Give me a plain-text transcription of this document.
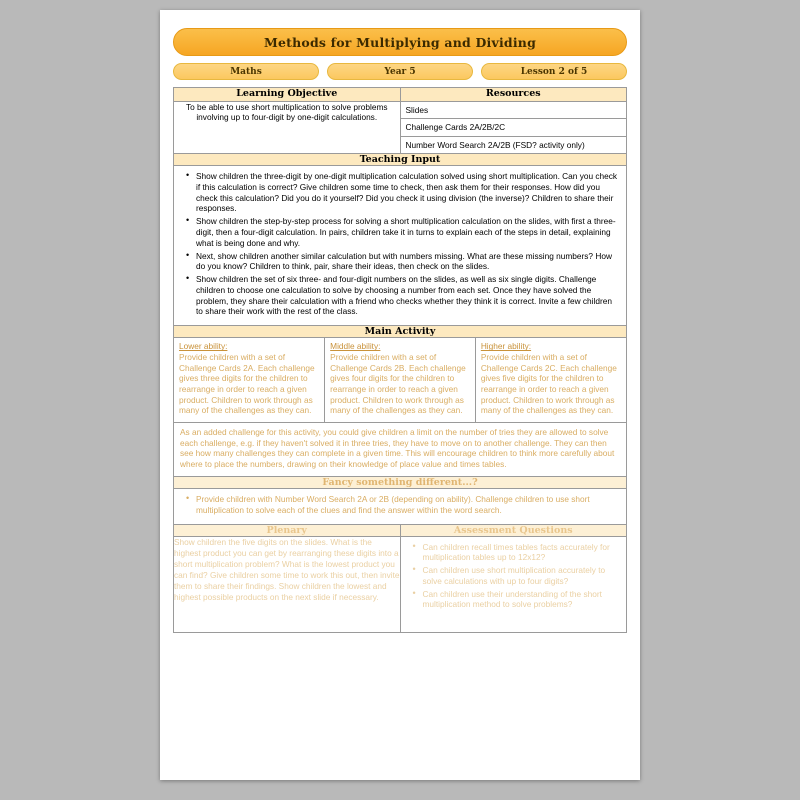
Methods for Multiplying and Dividing
Maths	Year 5	Lesson 2 of 5
Learning Objective	Resources
To be able to use short multiplication to solve problems involving up to four-digit by one-digit calculations.	
Slides
Challenge Cards 2A/2B/2C
Number Word Search 2A/2B (FSD? activity only)

Teaching Input

• Show children the three-digit by one-digit multiplication calculation solved using short multiplication. Can you check if this calculation is correct? Give children some time to check, then ask them for their responses. How did you check this calculation? Did you do it yourself? Did you check it using division (the inverse)? Children to share their responses.
• Show children the step-by-step process for solving a short multiplication calculation on the slides, with first a three-digit, then a four-digit calculation. In pairs, children take it in turns to explain each of the steps in detail, explaining what is being done and why.
• Next, show children another similar calculation but with numbers missing. What are these missing numbers? How do you know? Children to think, pair, share their ideas, then check on the slides.
• Show children the set of six three- and four-digit numbers on the slides, as well as six single digits. Challenge children to choose one calculation to solve by choosing a number from each set. Once they have solved the problem, they share their calculation with a friend who checks whether they think it is correct. Invite a few children to share their work with the rest of the class.

Main Activity

Lower ability:
Provide children with a set of Challenge Cards 2A. Each challenge gives three digits for the children to rearrange in order to reach a given product. Children to work through as many of the challenges as they can.

Middle ability:
Provide children with a set of Challenge Cards 2B. Each challenge gives four digits for the children to rearrange in order to reach a given product. Children to work through as many of the challenges as they can.

Higher ability:
Provide children with a set of Challenge Cards 2C. Each challenge gives five digits for the children to rearrange in order to reach a given product. Children to work through as many of the challenges as they can.

As an added challenge for this activity, you could give children a limit on the number of tries they are allowed to solve each challenge, e.g. if they haven't solved it in three tries, they have to move on to another challenge. They can then see how many challenges they can complete in a given time. This will encourage children to think more carefully about where to place the numbers, drawing on their knowledge of place value and times tables.

Fancy something different...?

• Provide children with Number Word Search 2A or 2B (depending on ability). Challenge children to use short multiplication to solve each of the clues and find the answer within the word search.

Plenary	Assessment Questions
Show children the five digits on the slides. What is the highest product you can get by rearranging these digits into a short multiplication problem? What is the lowest product you can find? Give children some time to work this out, then invite them to share their findings. Show children the lowest and highest possible products on the next slide if necessary.	
• Can children recall times tables facts accurately for multiplication tables up to 12x12?
• Can children use short multiplication accurately to solve calculations with up to four digits?
• Can children use their understanding of the short multiplication method to solve problems?
